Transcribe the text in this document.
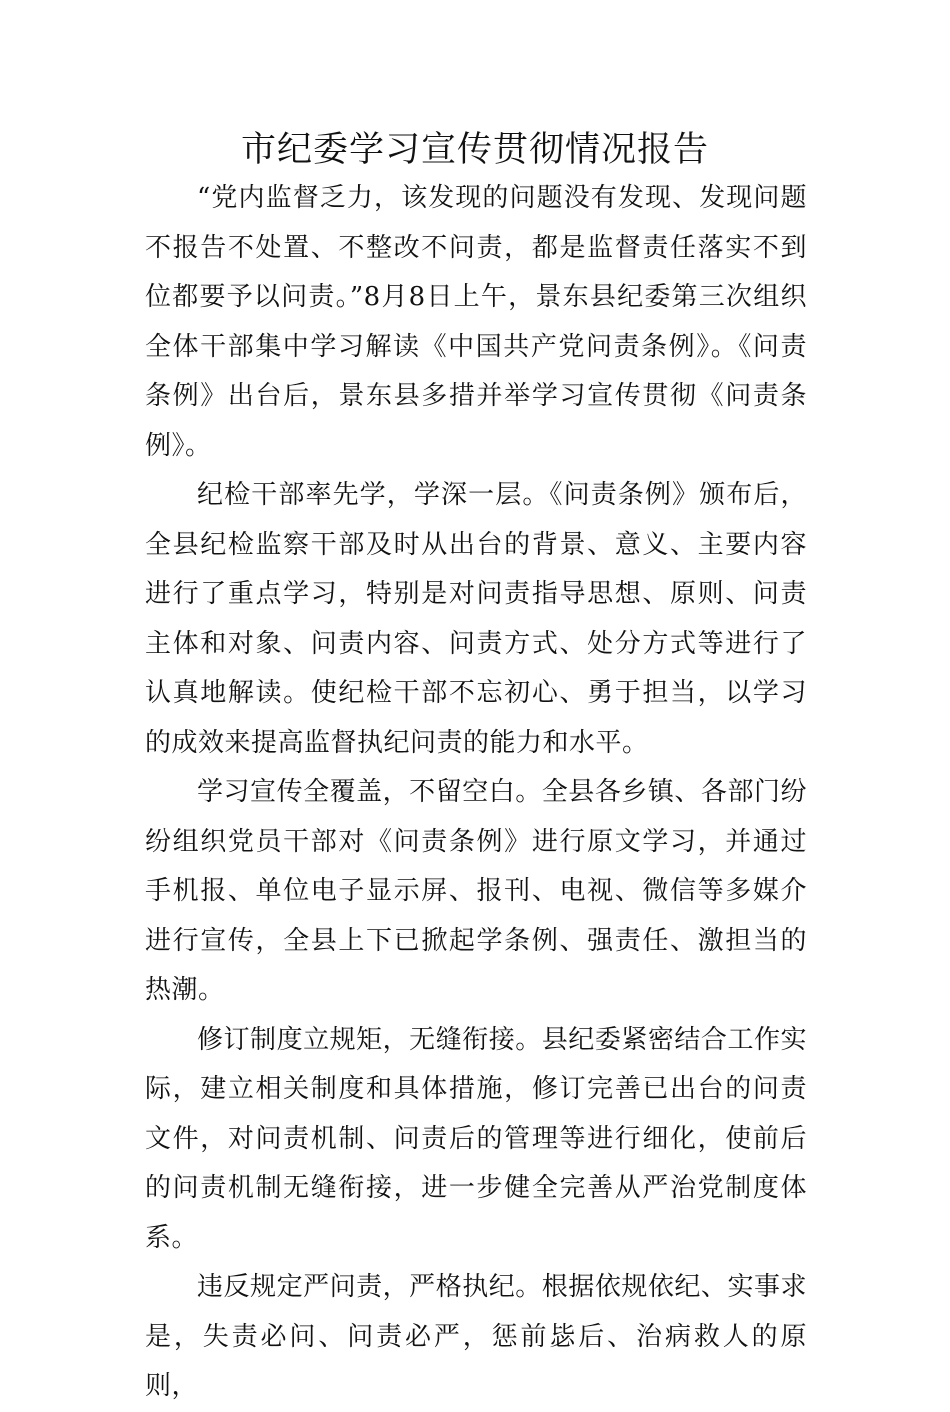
市纪委学习宣传贯彻情况报告

“党内监督乏力，该发现的问题没有发现、发现问题不报告不处置、不整改不问责，都是监督责任落实不到位都要予以问责。”8月8日上午，景东县纪委第三次组织全体干部集中学习解读《中国共产党问责条例》。《问责条例》出台后，景东县多措并举学习宣传贯彻《问责条例》。

纪检干部率先学，学深一层。《问责条例》颁布后，全县纪检监察干部及时从出台的背景、意义、主要内容进行了重点学习，特别是对问责指导思想、原则、问责主体和对象、问责内容、问责方式、处分方式等进行了认真地解读。使纪检干部不忘初心、勇于担当，以学习的成效来提高监督执纪问责的能力和水平。

学习宣传全覆盖，不留空白。全县各乡镇、各部门纷纷组织党员干部对《问责条例》进行原文学习，并通过手机报、单位电子显示屏、报刊、电视、微信等多媒介进行宣传，全县上下已掀起学条例、强责任、激担当的热潮。

修订制度立规矩，无缝衔接。县纪委紧密结合工作实际，建立相关制度和具体措施，修订完善已出台的问责文件，对问责机制、问责后的管理等进行细化，使前后的问责机制无缝衔接，进一步健全完善从严治党制度体系。

违反规定严问责，严格执纪。根据依规依纪、实事求是，失责必问、问责必严，惩前毖后、治病救人的原则，
